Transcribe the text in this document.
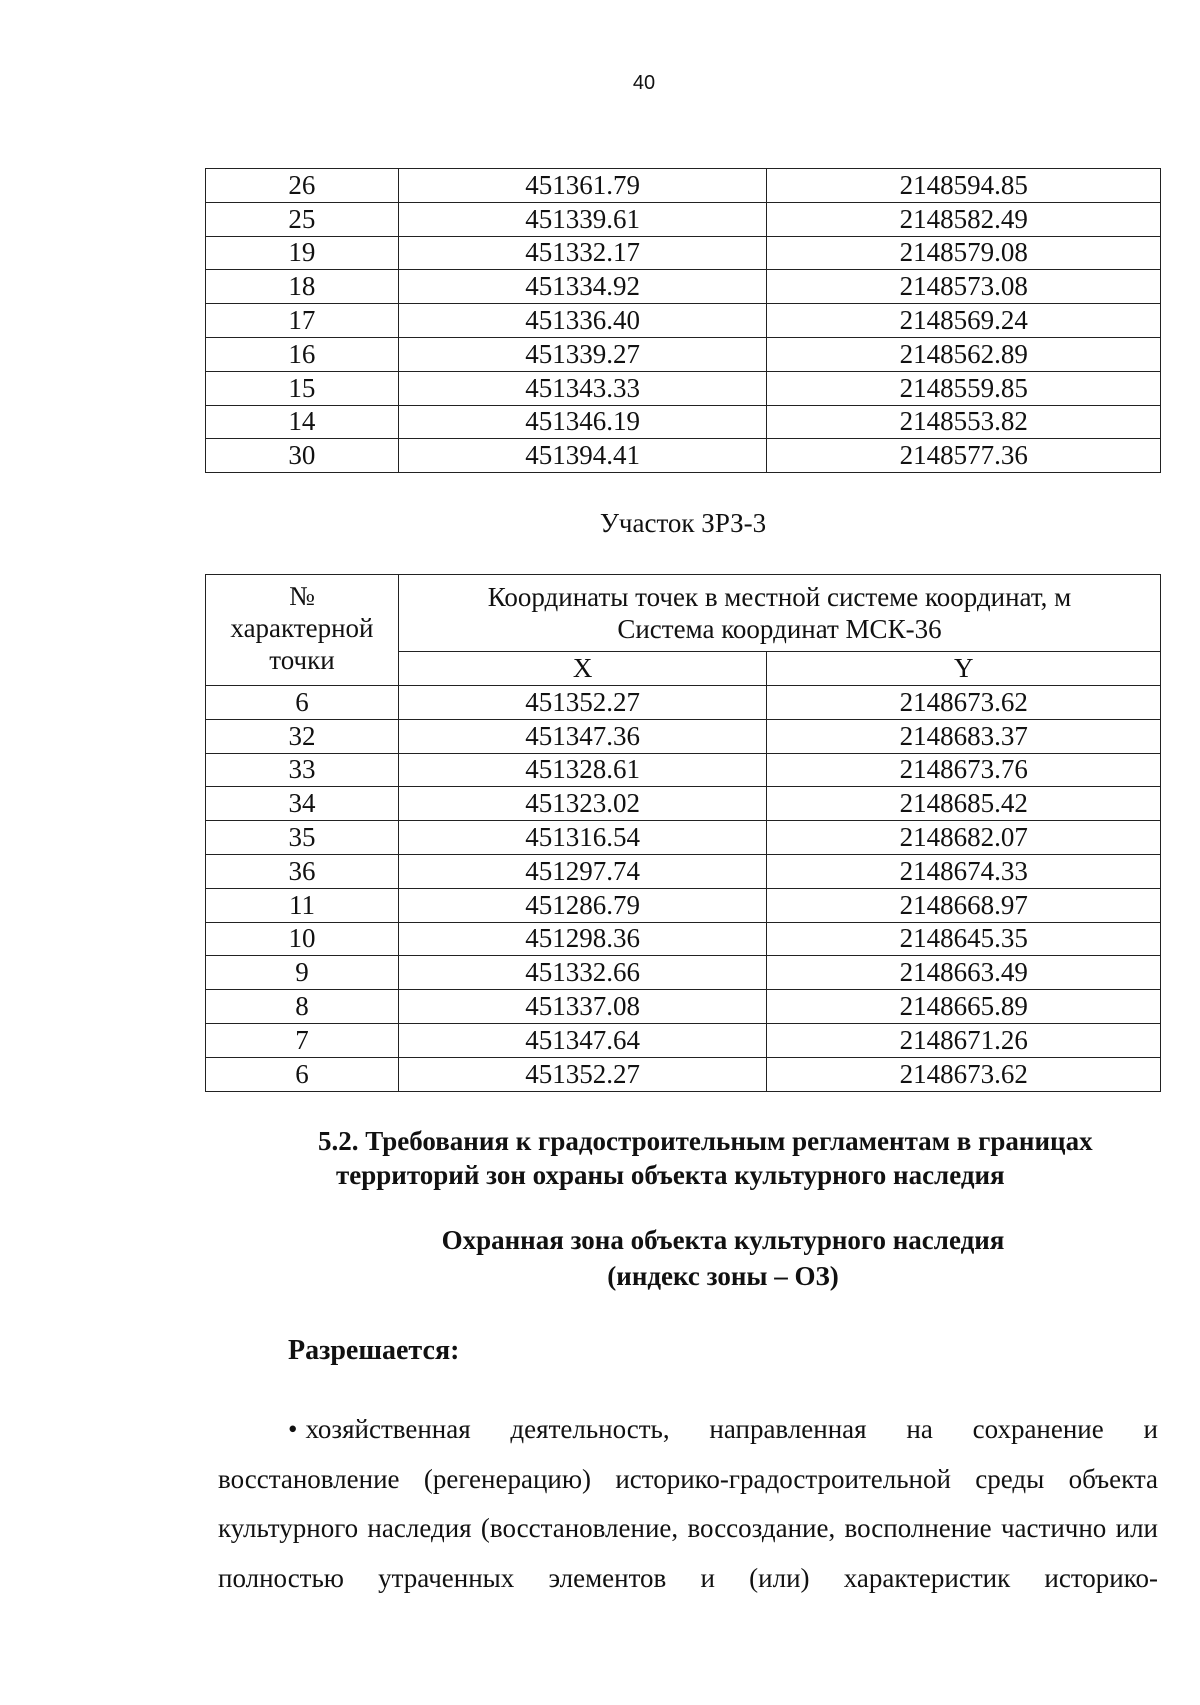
40
26	451361.79	2148594.85
25	451339.61	2148582.49
19	451332.17	2148579.08
18	451334.92	2148573.08
17	451336.40	2148569.24
16	451339.27	2148562.89
15	451343.33	2148559.85
14	451346.19	2148553.82
30	451394.41	2148577.36
Участок ЗРЗ-3
№
характерной
точки	Координаты точек в местной системе координат, м
Система координат МСК-36	
	X	Y
6	451352.27	2148673.62
32	451347.36	2148683.37
33	451328.61	2148673.76
34	451323.02	2148685.42
35	451316.54	2148682.07
36	451297.74	2148674.33
11	451286.79	2148668.97
10	451298.36	2148645.35
9	451332.66	2148663.49
8	451337.08	2148665.89
7	451347.64	2148671.26
6	451352.27	2148673.62
5.2. Требования к градостроительным регламентам в границах
территорий зон охраны объекта культурного наследия
Охранная зона объекта культурного наследия
(индекс зоны – ОЗ)
Разрешается:

• хозяйственная деятельность, направленная на сохранение и восстановление (регенерацию) историко-градостроительной среды объекта культурного наследия (восстановление, воссоздание, восполнение частично или полностью утраченных элементов и (или) характеристик историко-
